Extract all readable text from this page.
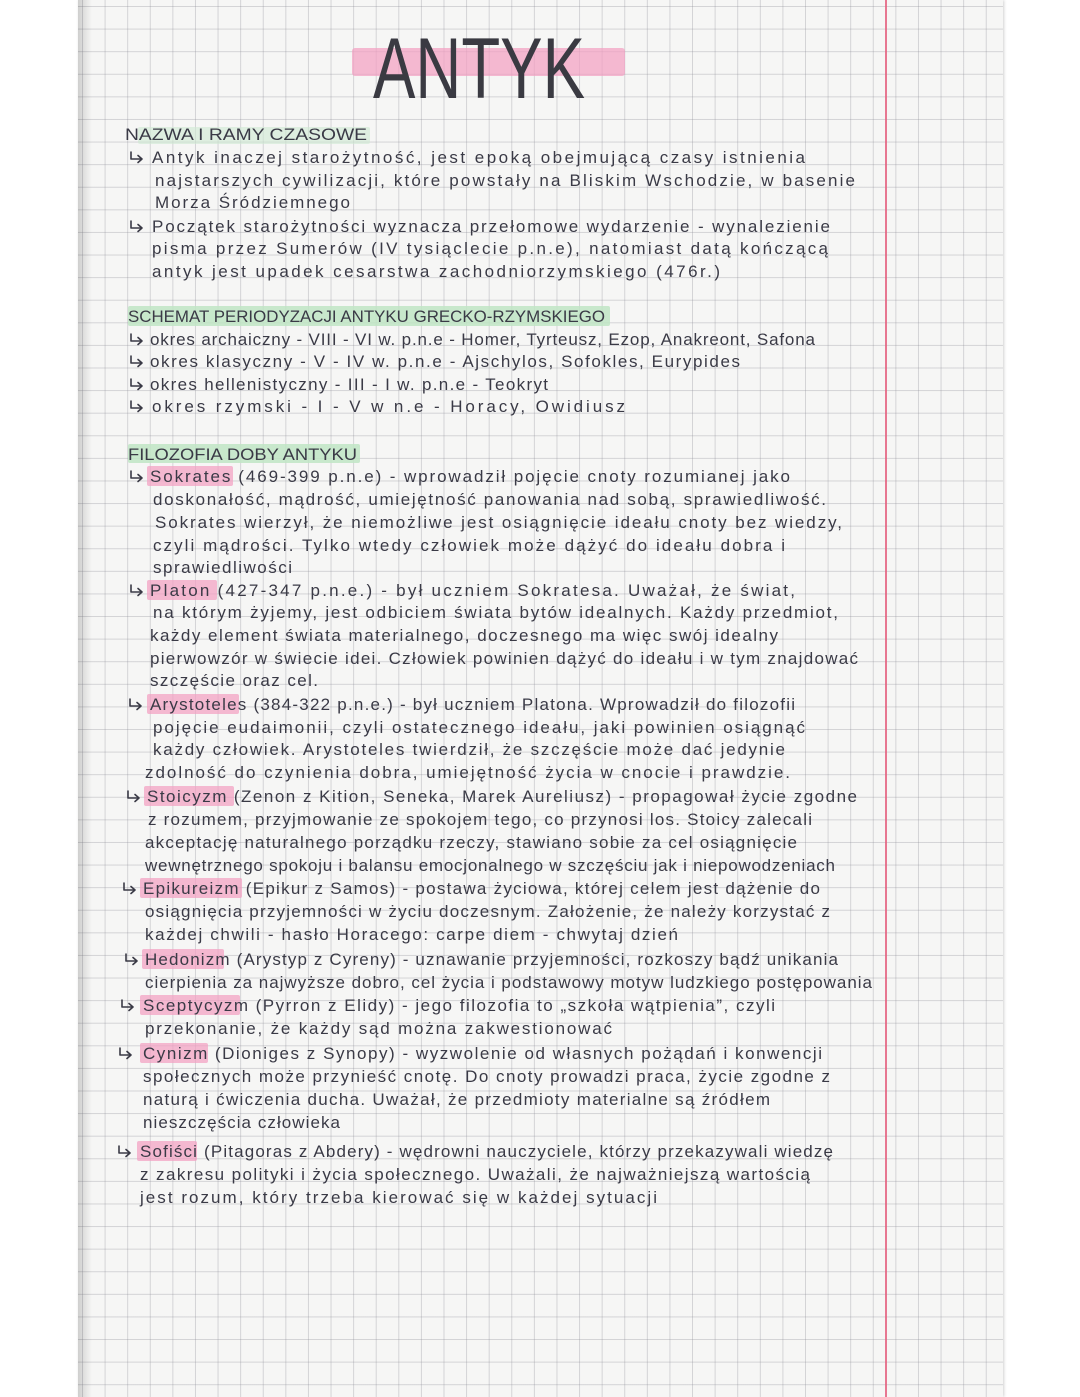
ANTYK
NAZWA I RAMY CZASOWE
Antyk inaczej starożytność, jest epoką obejmującą czasy istnienia
najstarszych cywilizacji, które powstały na Bliskim Wschodzie, w basenie
Morza Śródziemnego
Początek starożytności wyznacza przełomowe wydarzenie - wynalezienie
pisma przez Sumerów (IV tysiąclecie p.n.e), natomiast datą kończącą
antyk jest upadek cesarstwa zachodniorzymskiego (476r.)
SCHEMAT PERIODYZACJI ANTYKU GRECKO-RZYMSKIEGO
okres archaiczny - VIII - VI w. p.n.e - Homer, Tyrteusz, Ezop, Anakreont, Safona
okres klasyczny - V - IV w. p.n.e - Ajschylos, Sofokles, Eurypides
okres hellenistyczny - III - I w. p.n.e - Teokryt
okres rzymski - I - V w n.e - Horacy, Owidiusz
FILOZOFIA DOBY ANTYKU
Sokrates (469-399 p.n.e) - wprowadził pojęcie cnoty rozumianej jako
doskonałość, mądrość, umiejętność panowania nad sobą, sprawiedliwość.
Sokrates wierzył, że niemożliwe jest osiągnięcie ideału cnoty bez wiedzy,
czyli mądrości. Tylko wtedy człowiek może dążyć do ideału dobra i
sprawiedliwości
Platon (427-347 p.n.e.) - był uczniem Sokratesa. Uważał, że świat,
na którym żyjemy, jest odbiciem świata bytów idealnych. Każdy przedmiot,
każdy element świata materialnego, doczesnego ma więc swój idealny
pierwowzór w świecie idei. Człowiek powinien dążyć do ideału i w tym znajdować
szczęście oraz cel.
Arystoteles (384-322 p.n.e.) - był uczniem Platona. Wprowadził do filozofii
pojęcie eudaimonii, czyli ostatecznego ideału, jaki powinien osiągnąć
każdy człowiek. Arystoteles twierdził, że szczęście może dać jedynie
zdolność do czynienia dobra, umiejętność życia w cnocie i prawdzie.
Stoicyzm (Zenon z Kition, Seneka, Marek Aureliusz) - propagował życie zgodne
z rozumem, przyjmowanie ze spokojem tego, co przynosi los. Stoicy zalecali
akceptację naturalnego porządku rzeczy, stawiano sobie za cel osiągnięcie
wewnętrznego spokoju i balansu emocjonalnego w szczęściu jak i niepowodzeniach
Epikureizm (Epikur z Samos) - postawa życiowa, której celem jest dążenie do
osiągnięcia przyjemności w życiu doczesnym. Założenie, że należy korzystać z
każdej chwili - hasło Horacego: carpe diem - chwytaj dzień
Hedonizm (Arystyp z Cyreny) - uznawanie przyjemności, rozkoszy bądź unikania
cierpienia za najwyższe dobro, cel życia i podstawowy motyw ludzkiego postępowania
Sceptycyzm (Pyrron z Elidy) - jego filozofia to „szkoła wątpienia”, czyli
przekonanie, że każdy sąd można zakwestionować
Cynizm (Dioniges z Synopy) - wyzwolenie od własnych pożądań i konwencji
społecznych może przynieść cnotę. Do cnoty prowadzi praca, życie zgodne z
naturą i ćwiczenia ducha. Uważał, że przedmioty materialne są źródłem
nieszczęścia człowieka
Sofiści (Pitagoras z Abdery) - wędrowni nauczyciele, którzy przekazywali wiedzę
z zakresu polityki i życia społecznego. Uważali, że najważniejszą wartością
jest rozum, który trzeba kierować się w każdej sytuacji
